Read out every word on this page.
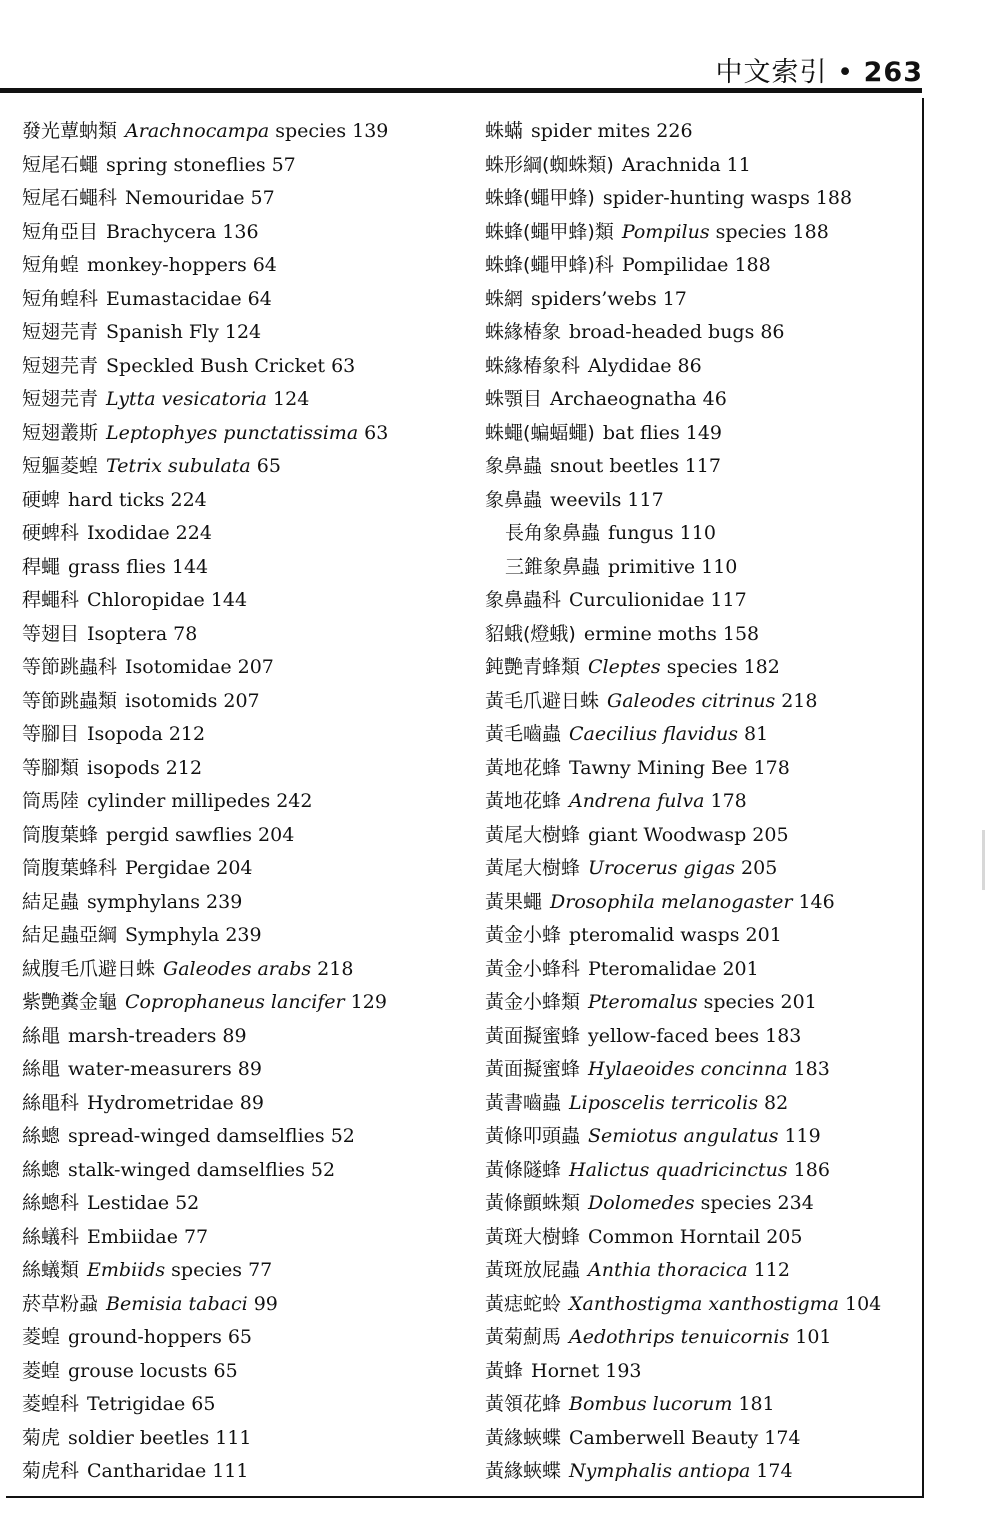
中文索引 • 263
發光蕈蚋類 Arachnocampa species 139
短尾石蠅 spring stoneflies 57
短尾石蠅科 Nemouridae 57
短角亞目 Brachycera 136
短角蝗 monkey-hoppers 64
短角蝗科 Eumastacidae 64
短翅芫青 Spanish Fly 124
短翅芫青 Speckled Bush Cricket 63
短翅芫青 Lytta vesicatoria 124
短翅叢斯 Leptophyes punctatissima 63
短軀菱蝗 Tetrix subulata 65
硬蜱 hard ticks 224
硬蜱科 Ixodidae 224
稈蠅 grass flies 144
稈蠅科 Chloropidae 144
等翅目 Isoptera 78
等節跳蟲科 Isotomidae 207
等節跳蟲類 isotomids 207
等腳目 Isopoda 212
等腳類 isopods 212
筒馬陸 cylinder millipedes 242
筒腹葉蜂 pergid sawflies 204
筒腹葉蜂科 Pergidae 204
結足蟲 symphylans 239
結足蟲亞綱 Symphyla 239
絨腹毛爪避日蛛 Galeodes arabs 218
紫艷糞金龜 Coprophaneus lancifer 129
絲黽 marsh-treaders 89
絲黽 water-measurers 89
絲黽科 Hydrometridae 89
絲蟌 spread-winged damselflies 52
絲蟌 stalk-winged damselflies 52
絲蟌科 Lestidae 52
絲蟻科 Embiidae 77
絲蟻類 Embiids species 77
菸草粉蝨 Bemisia tabaci 99
菱蝗 ground-hoppers 65
菱蝗 grouse locusts 65
菱蝗科 Tetrigidae 65
菊虎 soldier beetles 111
菊虎科 Cantharidae 111
蛛蟎 spider mites 226
蛛形綱(蜘蛛類) Arachnida 11
蛛蜂(蠅甲蜂) spider-hunting wasps 188
蛛蜂(蠅甲蜂)類 Pompilus species 188
蛛蜂(蠅甲蜂)科 Pompilidae 188
蛛網 spiders’webs 17
蛛緣椿象 broad-headed bugs 86
蛛緣椿象科 Alydidae 86
蛛顎目 Archaeognatha 46
蛛蠅(蝙蝠蠅) bat flies 149
象鼻蟲 snout beetles 117
象鼻蟲 weevils 117
長角象鼻蟲 fungus 110
三錐象鼻蟲 primitive 110
象鼻蟲科 Curculionidae 117
貂蛾(燈蛾) ermine moths 158
鈍艷青蜂類 Cleptes species 182
黃毛爪避日蛛 Galeodes citrinus 218
黃毛嚙蟲 Caecilius flavidus 81
黃地花蜂 Tawny Mining Bee 178
黃地花蜂 Andrena fulva 178
黃尾大樹蜂 giant Woodwasp 205
黃尾大樹蜂 Urocerus gigas 205
黃果蠅 Drosophila melanogaster 146
黃金小蜂 pteromalid wasps 201
黃金小蜂科 Pteromalidae 201
黃金小蜂類 Pteromalus species 201
黃面擬蜜蜂 yellow-faced bees 183
黃面擬蜜蜂 Hylaeoides concinna 183
黃書嚙蟲 Liposcelis terricolis 82
黃條叩頭蟲 Semiotus angulatus 119
黃條隧蜂 Halictus quadricinctus 186
黃條顫蛛類 Dolomedes species 234
黃斑大樹蜂 Common Horntail 205
黃斑放屁蟲 Anthia thoracica 112
黃痣蛇蛉 Xanthostigma xanthostigma 104
黃菊薊馬 Aedothrips tenuicornis 101
黃蜂 Hornet 193
黃領花蜂 Bombus lucorum 181
黃緣蛺蝶 Camberwell Beauty 174
黃緣蛺蝶 Nymphalis antiopa 174
